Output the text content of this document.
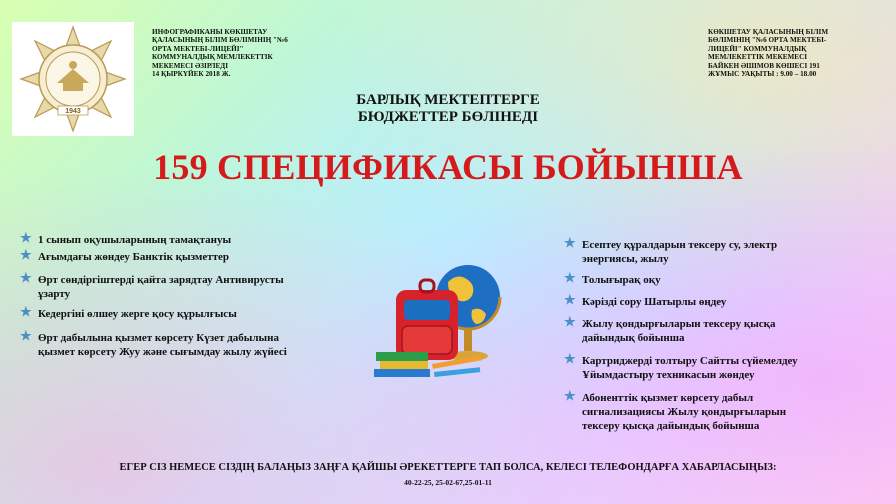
1943
ИНФОГРАФИКАНЫ КӨКШЕТАУ
ҚАЛАСЫНЫҢ БІЛІМ БӨЛІМІНІҢ "№6
ОРТА МЕКТЕБІ-ЛИЦЕЙІ"
КОММУНАЛДЫҚ МЕМЛЕКЕТТІК
МЕКЕМЕСІ ӘЗІРЛЕДІ
14 ҚЫРКҮЙЕК 2018 Ж.
КӨКШЕТАУ ҚАЛАСЫНЫҢ БІЛІМ
БӨЛІМІНІҢ "№6 ОРТА МЕКТЕБІ-
ЛИЦЕЙІ" КОММУНАЛДЫҚ
МЕМЛЕКЕТТІК МЕКЕМЕСІ
БАЙКЕН ӘШІМОВ КӨШЕСІ 191
ЖҰМЫС УАҚЫТЫ : 9.00 – 18.00
БАРЛЫҚ МЕКТЕПТЕРГЕ
БЮДЖЕТТЕР БӨЛІНЕДІ
159 СПЕЦИФИКАСЫ БОЙЫНША
★ 1 сынып оқушыларының тамақтануы
★ Ағымдағы жөндеу Банктік қызметтер
★ Өрт сөндіргіштерді қайта зарядтау Антивирусты ұзарту
★ Кедергіні өлшеу жерге қосу құрылғысы
★ Өрт дабылына қызмет көрсету Күзет дабылына қызмет көрсету Жуу және сығымдау жылу жүйесі
★ Есептеу құралдарын тексеру су, электр энергиясы, жылу
★ Толығырақ оқу
★ Кәрізді сору Шатырлы өңдеу
★ Жылу қондырғыларын тексеру қысқа дайындық бойынша
★ Картриджерді толтыру Сайтты сүйемелдеу Ұйымдастыру техникасын жөндеу
★ Абоненттік қызмет көрсету дабыл сигнализациясы Жылу қондырғыларын тексеру қысқа дайындық бойынша
ЕГЕР СІЗ НЕМЕСЕ СІЗДІҢ БАЛАҢЫЗ ЗАҢҒА ҚАЙШЫ ӘРЕКЕТТЕРГЕ ТАП БОЛСА, КЕЛЕСІ ТЕЛЕФОНДАРҒА ХАБАРЛАСЫҢЫЗ:
40-22-25, 25-02-67,25-01-11
